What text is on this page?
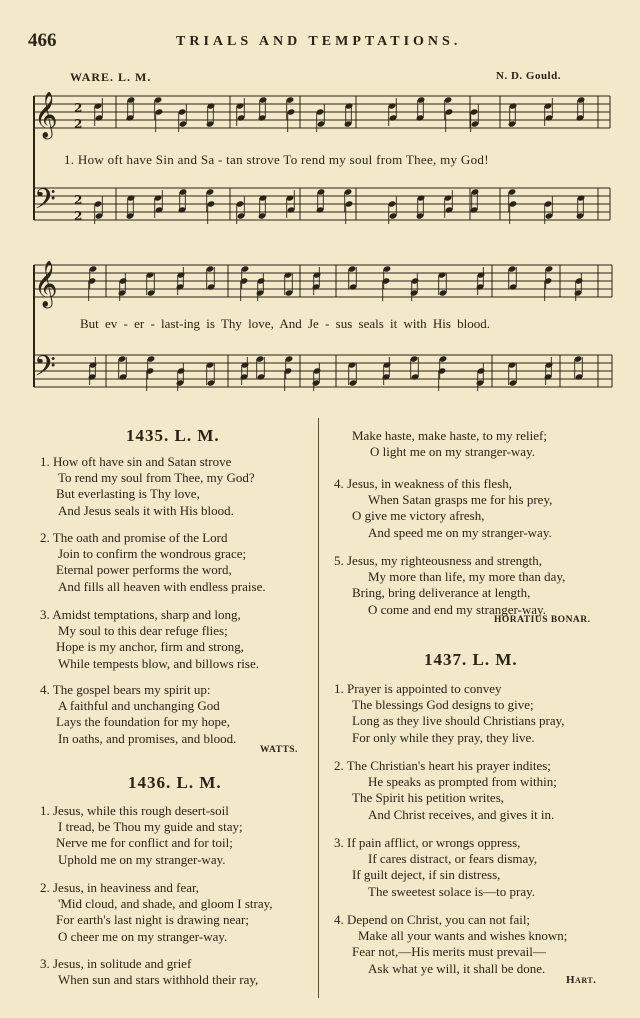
466	TRIALS AND TEMPTATIONS.
WARE. L. M.	N. D. Gould.
𝄞
𝄢
2
2
2
2
𝄞
𝄢
1. How oft have Sin and Sa - tan strove To rend my soul from Thee, my God!
But ev - er - last-ing is Thy love, And Je - sus seals it with His blood.
1435. L. M.
1. How oft have sin and Satan strove
To rend my soul from Thee, my God?
But everlasting is Thy love,
And Jesus seals it with His blood.
2. The oath and promise of the Lord
Join to confirm the wondrous grace;
Eternal power performs the word,
And fills all heaven with endless praise.
3. Amidst temptations, sharp and long,
My soul to this dear refuge flies;
Hope is my anchor, firm and strong,
While tempests blow, and billows rise.
4. The gospel bears my spirit up:
A faithful and unchanging God
Lays the foundation for my hope,
In oaths, and promises, and blood.
WATTS.
1436. L. M.
1. Jesus, while this rough desert-soil
I tread, be Thou my guide and stay;
Nerve me for conflict and for toil;
Uphold me on my stranger-way.
2. Jesus, in heaviness and fear,
'Mid cloud, and shade, and gloom I stray,
For earth's last night is drawing near;
O cheer me on my stranger-way.
3. Jesus, in solitude and grief
When sun and stars withhold their ray,
Make haste, make haste, to my relief;
O light me on my stranger-way.
4. Jesus, in weakness of this flesh,
When Satan grasps me for his prey,
O give me victory afresh,
And speed me on my stranger-way.
5. Jesus, my righteousness and strength,
My more than life, my more than day,
Bring, bring deliverance at length,
O come and end my stranger-way.
HORATIUS BONAR.
1437. L. M.
1. Prayer is appointed to convey
The blessings God designs to give;
Long as they live should Christians pray,
For only while they pray, they live.
2. The Christian's heart his prayer indites;
He speaks as prompted from within;
The Spirit his petition writes,
And Christ receives, and gives it in.
3. If pain afflict, or wrongs oppress,
If cares distract, or fears dismay,
If guilt deject, if sin distress,
The sweetest solace is—to pray.
4. Depend on Christ, you can not fail;
Make all your wants and wishes known;
Fear not,—His merits must prevail—
Ask what ye will, it shall be done.
Hart.
